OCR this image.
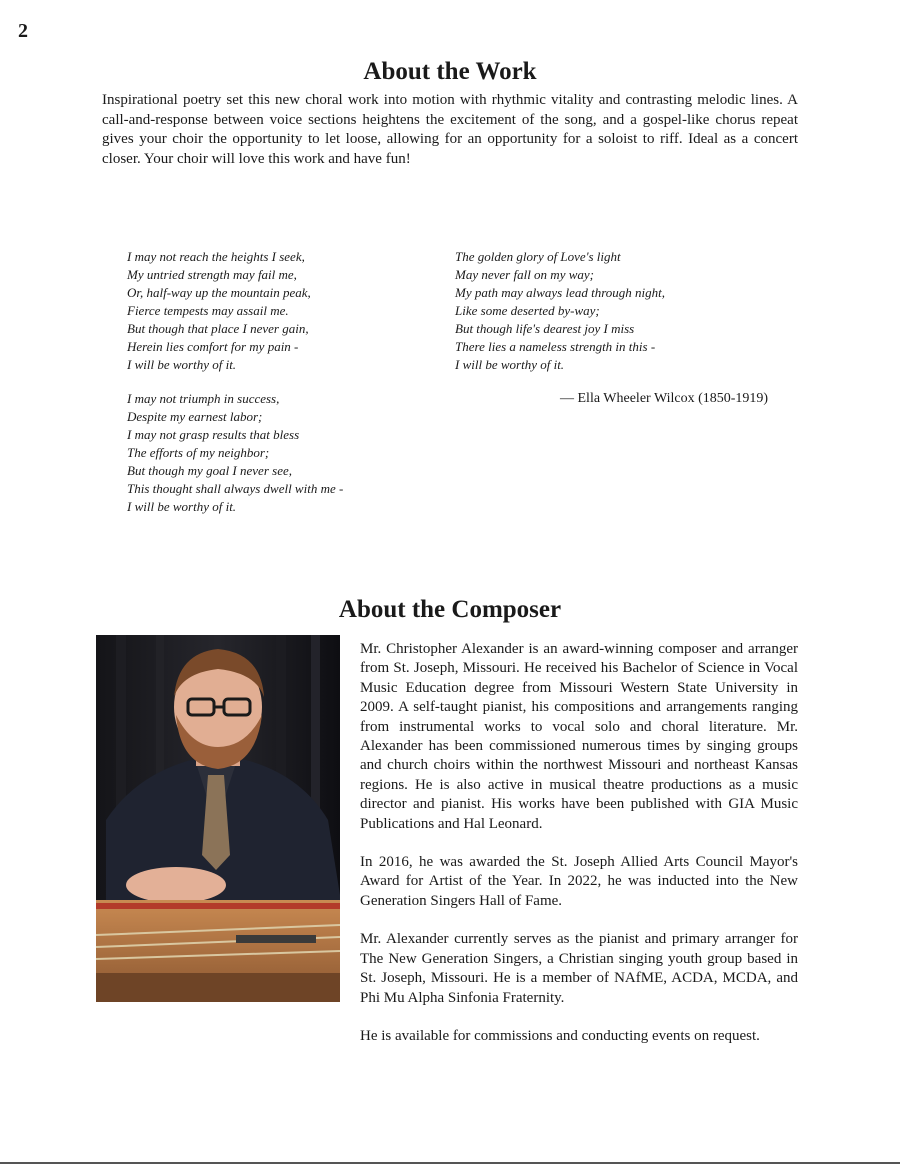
2
About the Work

Inspirational poetry set this new choral work into motion with rhythmic vitality and contrasting melodic lines. A call-and-response between voice sections heightens the excitement of the song, and a gospel-like chorus repeat gives your choir the opportunity to let loose, allowing for an opportunity for a soloist to riff. Ideal as a concert closer. Your choir will love this work and have fun!

I may not reach the heights I seek,
My untried strength may fail me,
Or, half-way up the mountain peak,
Fierce tempests may assail me.
But though that place I never gain,
Herein lies comfort for my pain -
I will be worthy of it.
I may not triumph in success,
Despite my earnest labor;
I may not grasp results that bless
The efforts of my neighbor;
But though my goal I never see,
This thought shall always dwell with me -
I will be worthy of it.
The golden glory of Love's light
May never fall on my way;
My path may always lead through night,
Like some deserted by-way;
But though life's dearest joy I miss
There lies a nameless strength in this -
I will be worthy of it.
— Ella Wheeler Wilcox (1850-1919)
About the Composer

Mr. Christopher Alexander is an award-winning composer and arranger from St. Joseph, Missouri. He received his Bachelor of Science in Vocal Music Education degree from Missouri Western State University in 2009. A self-taught pianist, his compositions and arrangements ranging from instrumental works to vocal solo and choral literature. Mr. Alexander has been commissioned numerous times by singing groups and church choirs within the northwest Missouri and northeast Kansas regions. He is also active in musical theatre productions as a music director and pianist. His works have been published with GIA Music Publications and Hal Leonard.

In 2016, he was awarded the St. Joseph Allied Arts Council Mayor's Award for Artist of the Year. In 2022, he was inducted into the New Generation Singers Hall of Fame.

Mr. Alexander currently serves as the pianist and primary arranger for The New Generation Singers, a Christian singing youth group based in St. Joseph, Missouri. He is a member of NAfME, ACDA, MCDA, and Phi Mu Alpha Sinfonia Fraternity.

He is available for commissions and conducting events on request.
